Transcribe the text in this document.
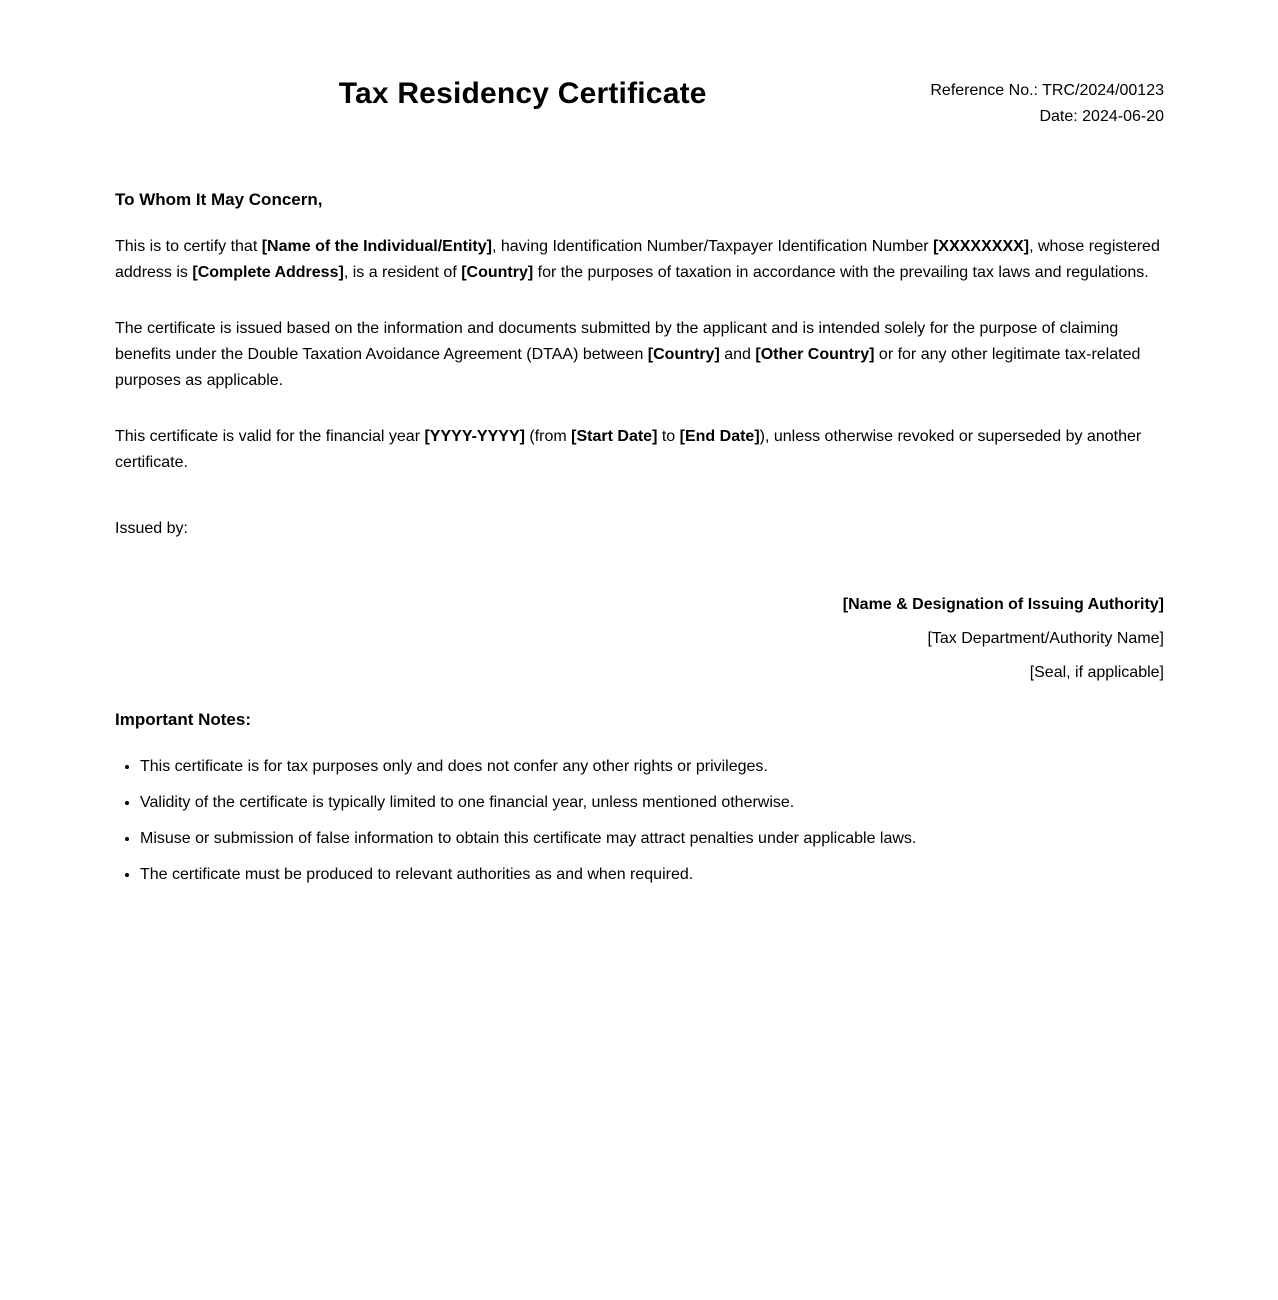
Tax Residency Certificate	Reference No.: TRC/2024/00123
Date: 2024-06-20
To Whom It May Concern,

This is to certify that [Name of the Individual/Entity], having Identification Number/Taxpayer Identification Number [XXXXXXXX], whose registered address is [Complete Address], is a resident of [Country] for the purposes of taxation in accordance with the prevailing tax laws and regulations.

The certificate is issued based on the information and documents submitted by the applicant and is intended solely for the purpose of claiming benefits under the Double Taxation Avoidance Agreement (DTAA) between [Country] and [Other Country] or for any other legitimate tax-related purposes as applicable.

This certificate is valid for the financial year [YYYY-YYYY] (from [Start Date] to [End Date]), unless otherwise revoked or superseded by another certificate.

Issued by:

[Name & Designation of Issuing Authority]
[Tax Department/Authority Name]
[Seal, if applicable]
Important Notes:
• This certificate is for tax purposes only and does not confer any other rights or privileges.
• Validity of the certificate is typically limited to one financial year, unless mentioned otherwise.
• Misuse or submission of false information to obtain this certificate may attract penalties under applicable laws.
• The certificate must be produced to relevant authorities as and when required.
